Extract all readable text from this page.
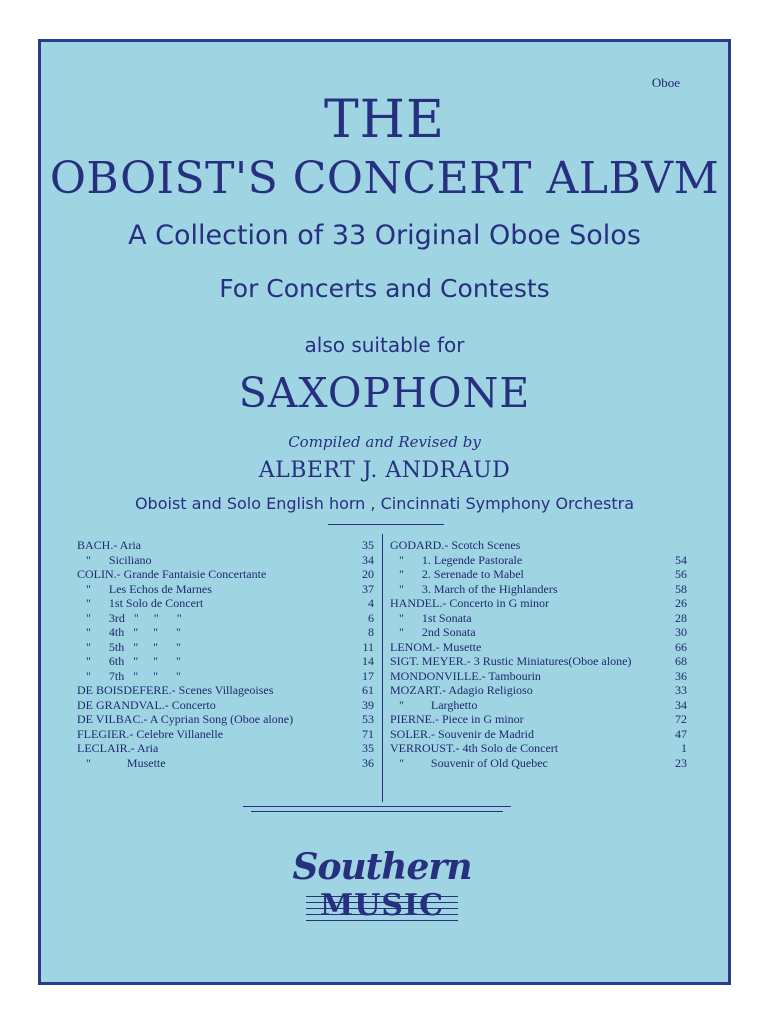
Oboe
THE
OBOIST'S CONCERT ALBVM
A Collection of 33 Original Oboe Solos
For Concerts and Contests
also suitable for
SAXOPHONE
Compiled and Revised by
ALBERT J. ANDRAUD
Oboist and Solo English horn , Cincinnati Symphony Orchestra
BACH.- Aria	35
"      Siciliano	34
COLIN.- Grande Fantaisie Concertante	20
"      Les Echos de Marnes	37
"      1st Solo de Concert	4
"      3rd   "     "      "	6
"      4th   "     "      "	8
"      5th   "     "      "	11
"      6th   "     "      "	14
"      7th   "     "      "	17
DE BOISDEFERE.- Scenes Villageoises	61
DE GRANDVAL.- Concerto	39
DE VILBAC.- A Cyprian Song (Oboe alone)	53
FLEGIER.- Celebre Villanelle	71
LECLAIR.- Aria	35
"            Musette	36
GODARD.- Scotch Scenes
"      1. Legende Pastorale	54
"      2. Serenade to Mabel	56
"      3. March of the Highlanders	58
HANDEL.- Concerto in G minor	26
"      1st Sonata	28
"      2nd Sonata	30
LENOM.- Musette	66
SIGT. MEYER.- 3 Rustic Miniatures(Oboe alone)	68
MONDONVILLE.- Tambourin	36
MOZART.- Adagio Religioso	33
"         Larghetto	34
PIERNE.- Piece in G minor	72
SOLER.- Souvenir de Madrid	47
VERROUST.- 4th Solo de Concert	1
"         Souvenir of Old Quebec	23
Southern
MUSIC
